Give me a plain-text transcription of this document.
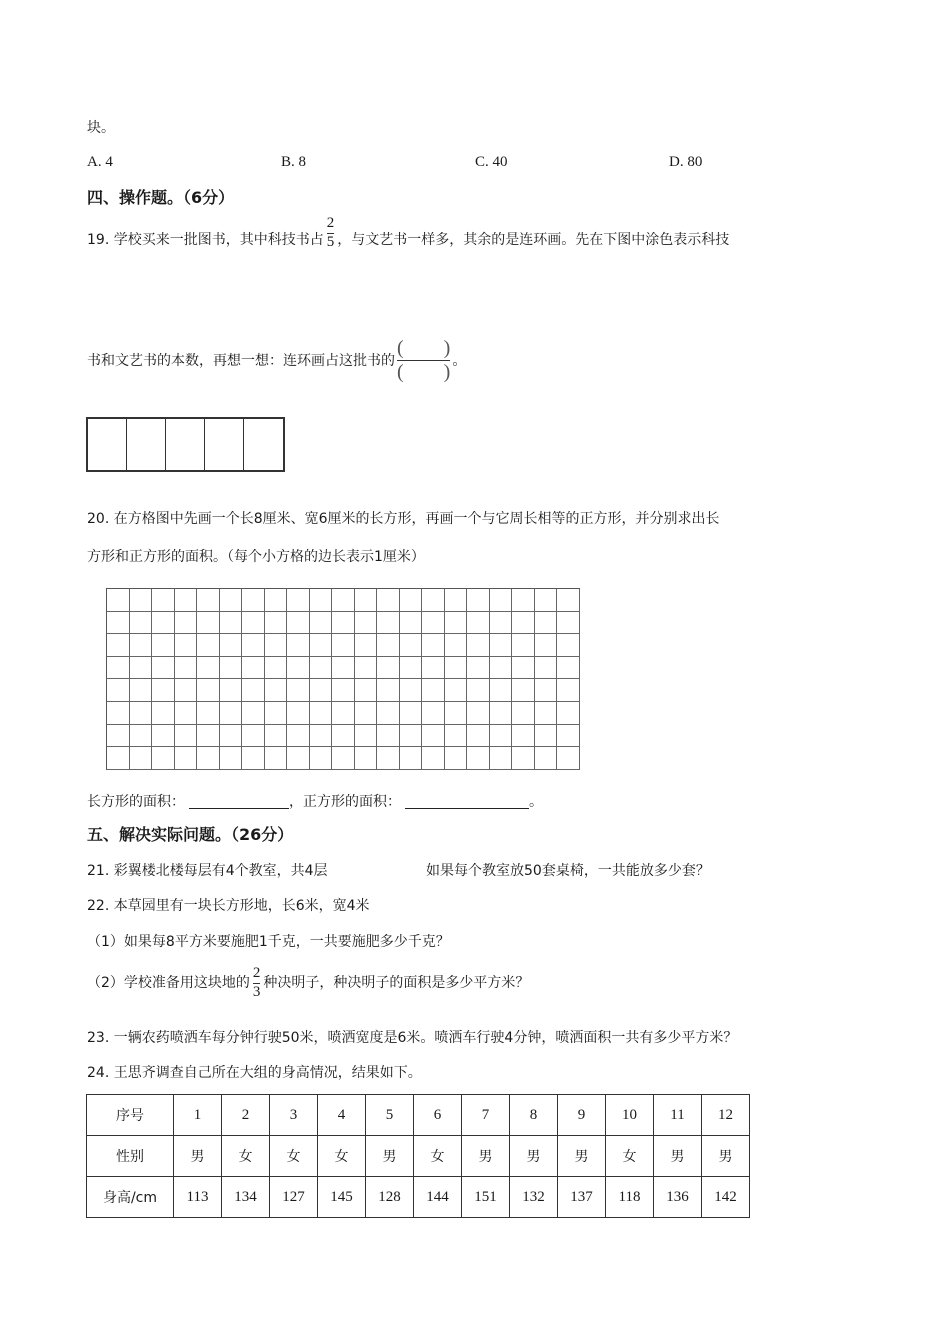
块。
A. 4	B. 8	C. 40	D. 80
四、操作题。（6分）
19. 学校买来一批图书，其中科技书占 $\frac{2}{5}$ ，与文艺书一样多，其余的是连环画。先在下图中涂色表示科技
书和文艺书的本数，再想一想：连环画占这批书的 $\frac{( )}{( )}$ 。
20. 在方格图中先画一个长8厘米、宽6厘米的长方形，再画一个与它周长相等的正方形，并分别求出长
方形和正方形的面积。（每个小方格的边长表示1厘米）
长方形的面积：	， 正方形的面积：	。
五、解决实际问题。（26分）
21. 彩翼楼北楼每层有4个教室，共4层	如果每个教室放50套桌椅，一共能放多少套？
22. 本草园里有一块长方形地，长6米，宽4米
（1）如果每8平方米要施肥1千克，一共要施肥多少千克？
（2）学校准备用这块地的 $\frac{2}{3}$ 种决明子，种决明子的面积是多少平方米？
23. 一辆农药喷洒车每分钟行驶50米，喷洒宽度是6米。喷洒车行驶4分钟，喷洒面积一共有多少平方米？
24. 王思齐调查自己所在大组的身高情况，结果如下。
序号	1	2	3	4	5	6	7	8	9	10	11	12
性别	男	女	女	女	男	女	男	男	男	女	男	男
身高/cm	113	134	127	145	128	144	151	132	137	118	136	142
